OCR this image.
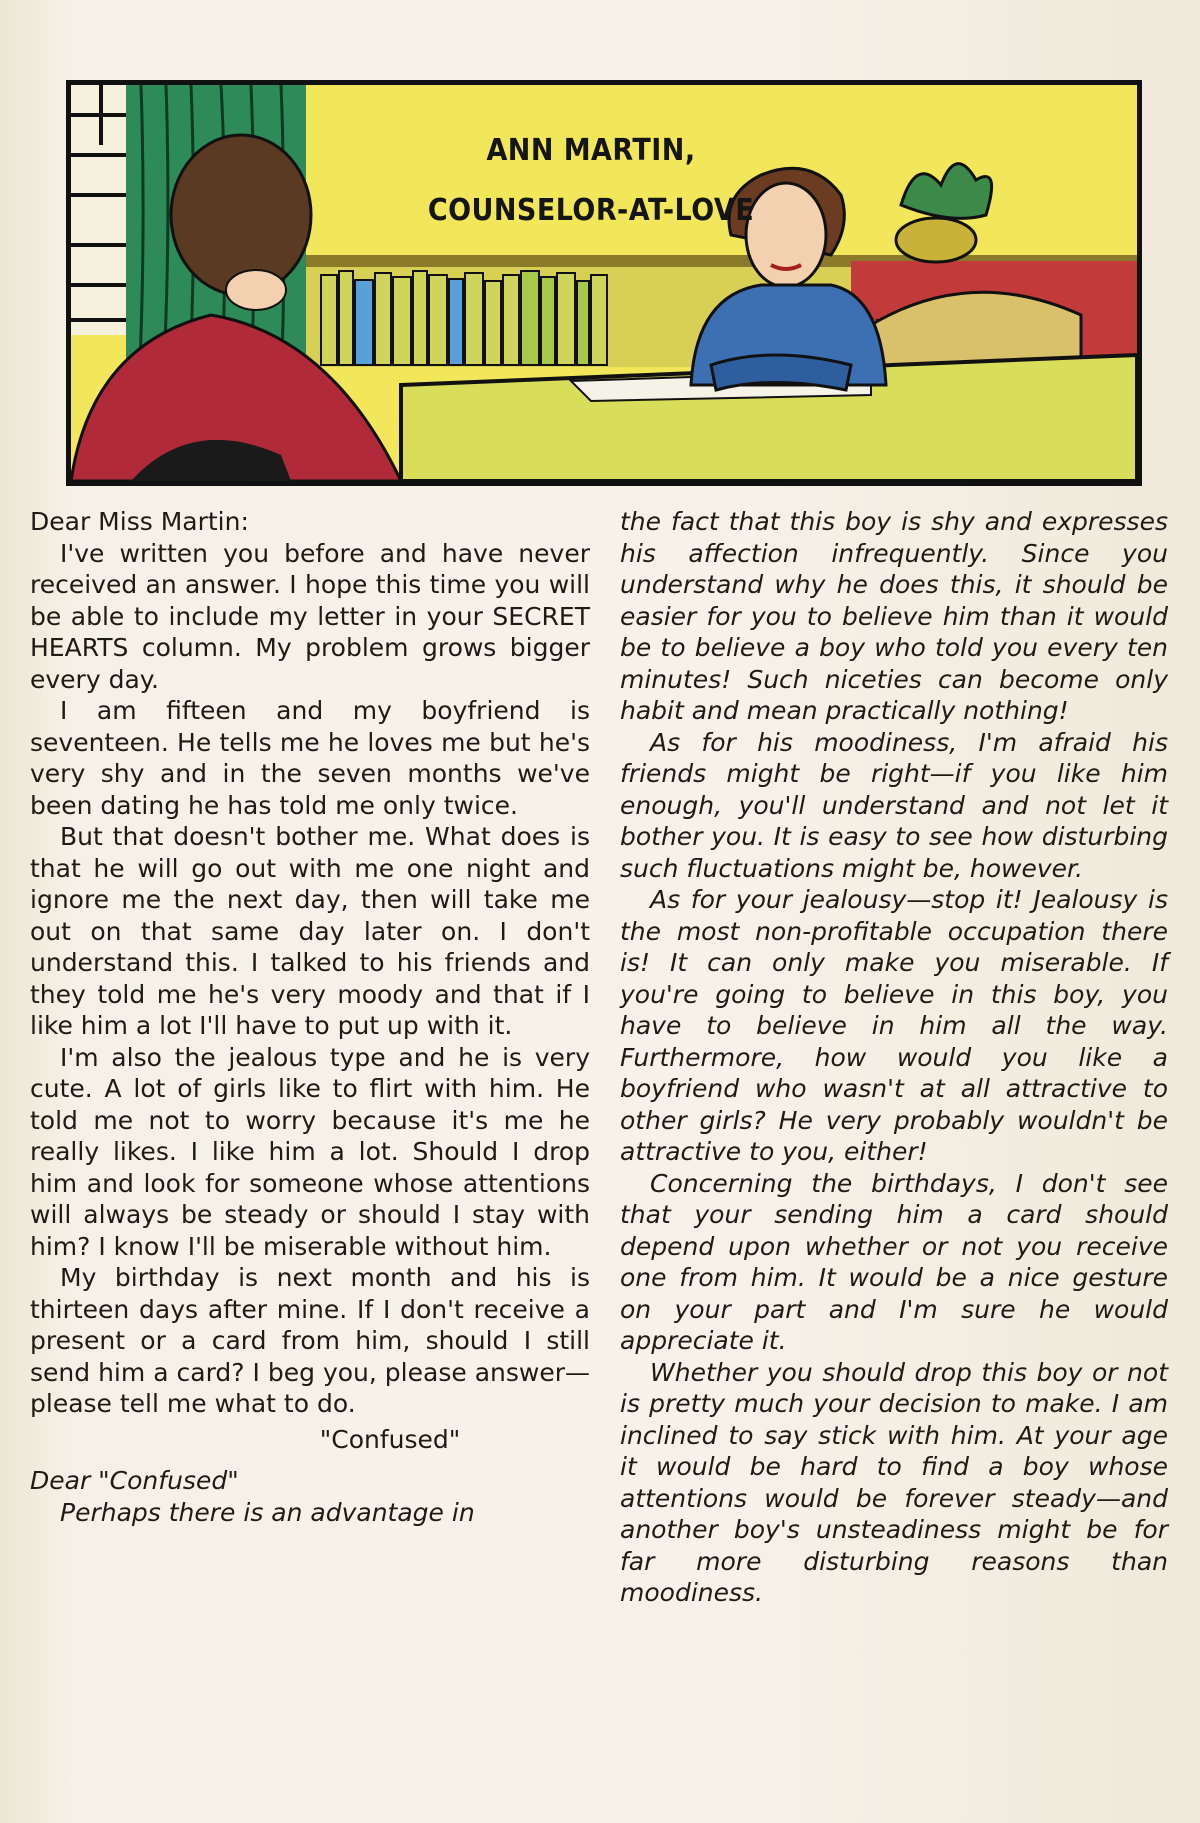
ANN MARTIN,
COUNSELOR-AT-LOVE

Dear Miss Martin:

I've written you before and have never received an answer. I hope this time you will be able to include my letter in your SECRET HEARTS column. My problem grows bigger every day.

I am fifteen and my boyfriend is seventeen. He tells me he loves me but he's very shy and in the seven months we've been dating he has told me only twice.

But that doesn't bother me. What does is that he will go out with me one night and ignore me the next day, then will take me out on that same day later on. I don't understand this. I talked to his friends and they told me he's very moody and that if I like him a lot I'll have to put up with it.

I'm also the jealous type and he is very cute. A lot of girls like to flirt with him. He told me not to worry because it's me he really likes. I like him a lot. Should I drop him and look for someone whose attentions will always be steady or should I stay with him? I know I'll be miserable without him.

My birthday is next month and his is thirteen days after mine. If I don't receive a present or a card from him, should I still send him a card? I beg you, please answer—please tell me what to do.

"Confused"

Dear "Confused"

Perhaps there is an advantage in

the fact that this boy is shy and expresses his affection infrequently. Since you understand why he does this, it should be easier for you to believe him than it would be to believe a boy who told you every ten minutes! Such niceties can become only habit and mean practically nothing!

As for his moodiness, I'm afraid his friends might be right—if you like him enough, you'll understand and not let it bother you. It is easy to see how disturbing such fluctuations might be, however.

As for your jealousy—stop it! Jealousy is the most non-profitable occupation there is! It can only make you miserable. If you're going to believe in this boy, you have to believe in him all the way. Furthermore, how would you like a boyfriend who wasn't at all attractive to other girls? He very probably wouldn't be attractive to you, either!

Concerning the birthdays, I don't see that your sending him a card should depend upon whether or not you receive one from him. It would be a nice gesture on your part and I'm sure he would appreciate it.

Whether you should drop this boy or not is pretty much your decision to make. I am inclined to say stick with him. At your age it would be hard to find a boy whose attentions would be forever steady—and another boy's unsteadiness might be for far more disturbing reasons than moodiness.
